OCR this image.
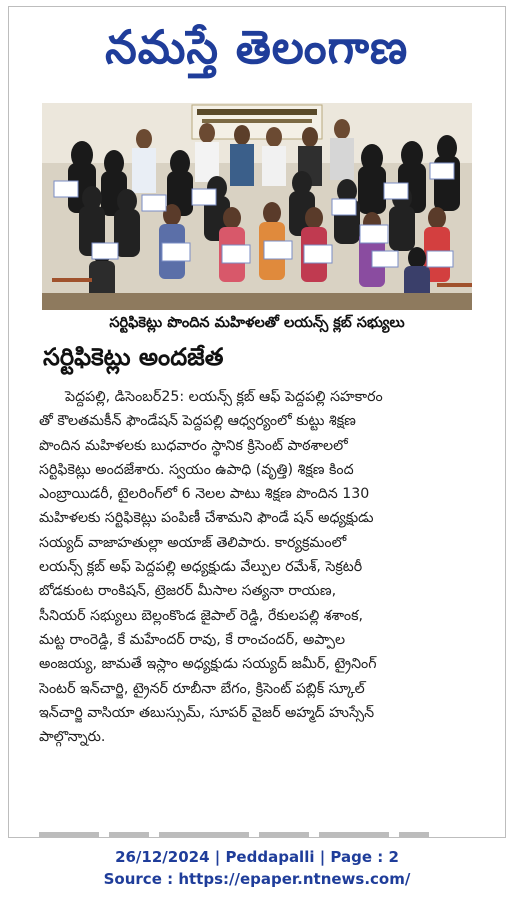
నమస్తే తెలంగాణ
సర్టిఫికెట్లు పొందిన మహిళలతో లయన్స్ క్లబ్ సభ్యులు
సర్టిఫికెట్లు అందజేత
పెద్దపల్లి, డిసెంబర్25: లయన్స్ క్లబ్ ఆఫ్ పెద్దపల్లి సహకారం
తో కౌలతమకీన్ ఫౌండేషన్ పెద్దపల్లి ఆధ్వర్యంలో కుట్టు శిక్షణ
పొందిన మహిళలకు బుధవారం స్థానిక క్రిసెంట్ పాఠశాలలో
సర్టిఫికెట్లు అందజేశారు. స్వయం ఉపాధి (వృత్తి) శిక్షణ కింద
ఎంబ్రాయిడరీ, టైలరింగ్‌లో 6 నెలల పాటు శిక్షణ పొందిన 130
మహిళలకు సర్టిఫికెట్లు పంపిణీ చేశామని ఫౌండే షన్ అధ్యక్షుడు
సయ్యద్ వాజాహతుల్లా అయాజ్ తెలిపారు. కార్యక్రమంలో
లయన్స్ క్లబ్ అఫ్ పెద్దపల్లి అధ్యక్షుడు వేల్పుల రమేశ్, సెక్రటరీ
బోడకుంట రాంకిషన్, ట్రెజరర్ మీసాల సత్యనా రాయణ,
సీనియర్ సభ్యులు బెల్లంకొండ జైపాల్ రెడ్డి, రేకులపల్లి శశాంక,
మట్ట రాంరెడ్డి, కే మహేందర్ రావు, కే రాంచందర్, అప్పాల
అంజయ్య, జామతే ఇస్లాం అధ్యక్షుడు సయ్యద్ జమీర్, ట్రైనింగ్
సెంటర్ ఇన్‌చార్జి, ట్రైనర్ రూబీనా బేగం, క్రిసెంట్ పబ్లిక్ స్కూల్
ఇన్‌చార్జి వాసియా తబుస్సుమ్, సూపర్ వైజర్ అహ్మద్ హుస్సేన్
పాల్గొన్నారు.
26/12/2024 | Peddapalli | Page : 2
Source : https://epaper.ntnews.com/
